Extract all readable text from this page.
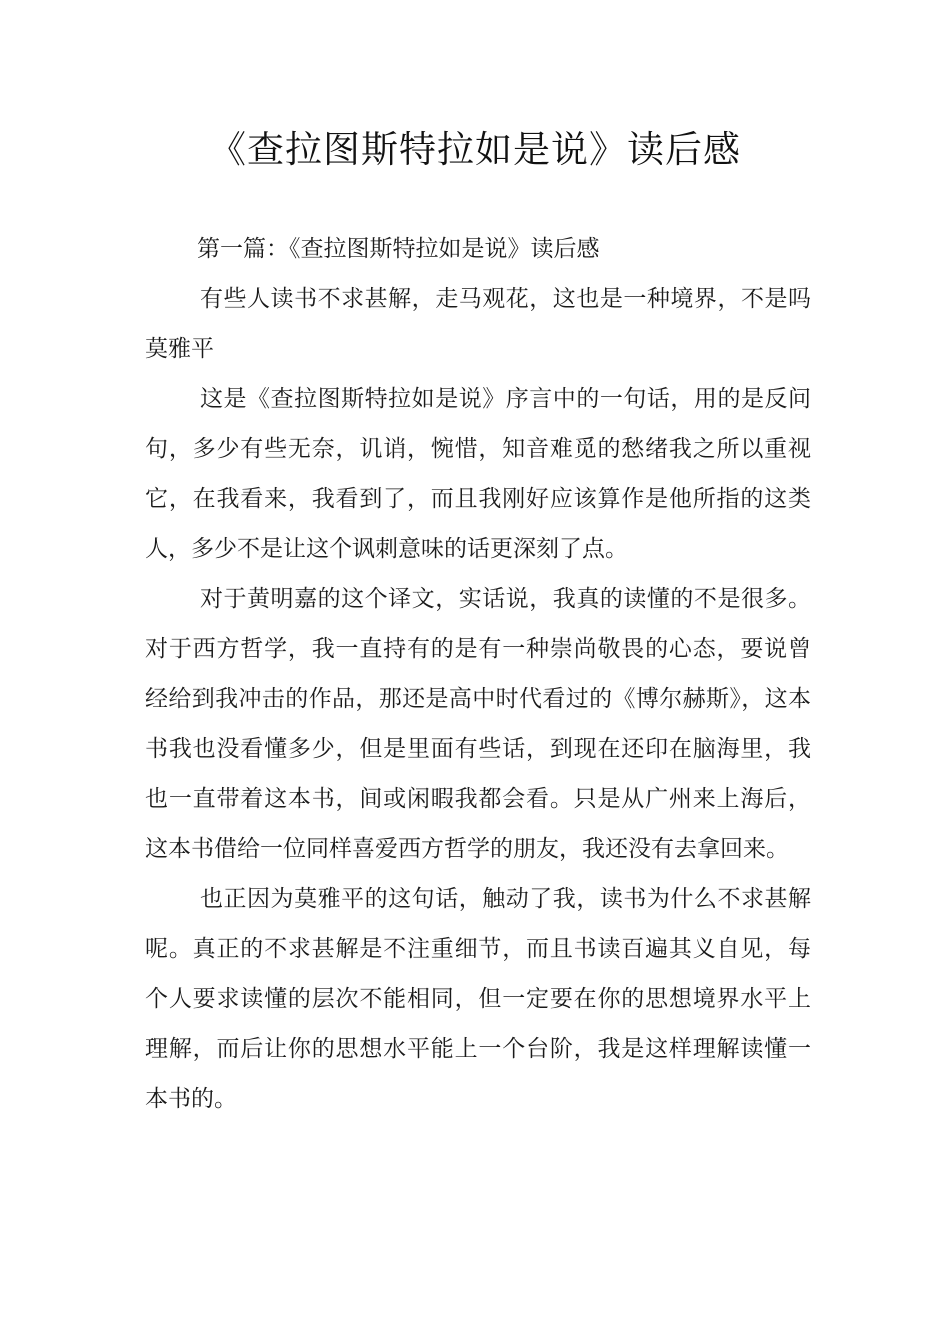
《查拉图斯特拉如是说》读后感

第一篇：《查拉图斯特拉如是说》读后感

有些人读书不求甚解，走马观花，这也是一种境界，不是吗 莫雅平

这是《查拉图斯特拉如是说》序言中的一句话，用的是反问句，多少有些无奈，讥诮，惋惜，知音难觅的愁绪我之所以重视它，在我看来，我看到了，而且我刚好应该算作是他所指的这类人，多少不是让这个讽刺意味的话更深刻了点。

对于黄明嘉的这个译文，实话说，我真的读懂的不是很多。对于西方哲学，我一直持有的是有一种崇尚敬畏的心态，要说曾经给到我冲击的作品，那还是高中时代看过的《博尔赫斯》，这本书我也没看懂多少，但是里面有些话，到现在还印在脑海里，我也一直带着这本书，间或闲暇我都会看。只是从广州来上海后，这本书借给一位同样喜爱西方哲学的朋友，我还没有去拿回来。

也正因为莫雅平的这句话，触动了我，读书为什么不求甚解呢。真正的不求甚解是不注重细节，而且书读百遍其义自见，每个人要求读懂的层次不能相同，但一定要在你的思想境界水平上理解，而后让你的思想水平能上一个台阶，我是这样理解读懂一本书的。
